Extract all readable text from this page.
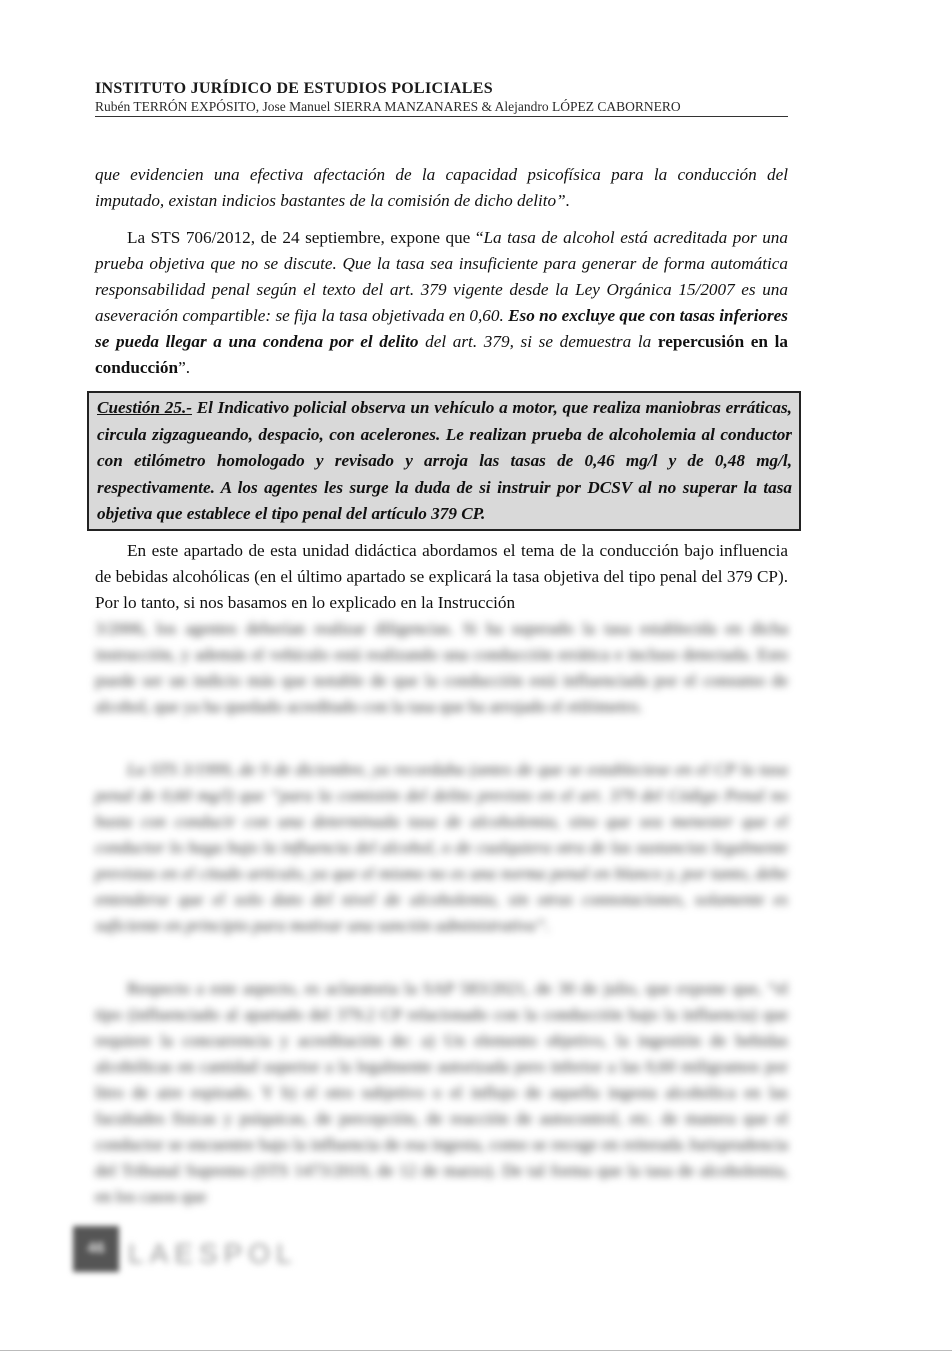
INSTITUTO JURÍDICO DE ESTUDIOS POLICIALES
Rubén TERRÓN EXPÓSITO, Jose Manuel SIERRA MANZANARES & Alejandro LÓPEZ CABORNERO
que evidencien una efectiva afectación de la capacidad psicofísica para la conducción del imputado, existan indicios bastantes de la comisión de dicho delito”.
La STS 706/2012, de 24 septiembre, expone que “La tasa de alcohol está acreditada por una prueba objetiva que no se discute. Que la tasa sea insuficiente para generar de forma automática responsabilidad penal según el texto del art. 379 vigente desde la Ley Orgánica 15/2007 es una aseveración compartible: se fija la tasa objetivada en 0,60. Eso no excluye que con tasas inferiores se pueda llegar a una condena por el delito del art. 379, si se demuestra la repercusión en la conducción”.
Cuestión 25.- El Indicativo policial observa un vehículo a motor, que realiza maniobras erráticas, circula zigzagueando, despacio, con acelerones. Le realizan prueba de alcoholemia al conductor con etilómetro homologado y revisado y arroja las tasas de 0,46 mg/l y de 0,48 mg/l, respectivamente. A los agentes les surge la duda de si instruir por DCSV al no superar la tasa objetiva que establece el tipo penal del artículo 379 CP.
En este apartado de esta unidad didáctica abordamos el tema de la conducción bajo influencia de bebidas alcohólicas (en el último apartado se explicará la tasa objetiva del tipo penal del 379 CP). Por lo tanto, si nos basamos en lo explicado en la Instrucción
3/2006, los agentes deberían realizar diligencias. Si ha superado la tasa establecida en dicha instrucción, y además el vehículo está realizando una conducción errática e incluso detectada. Esto puede ser un indicio más que notable de que la conducción está influenciada por el consumo de alcohol, que ya ha quedado acreditado con la tasa que ha arrojado el etilómetro.
La STS 3/1999, de 9 de diciembre, ya recordaba (antes de que se estableciese en el CP la tasa penal de 0,60 mg/l) que “para la comisión del delito previsto en el art. 379 del Código Penal no basta con conducir con una determinada tasa de alcoholemia, sino que sea menester que el conductor lo haga bajo la influencia del alcohol, o de cualquiera otra de las sustancias legalmente previstas en el citado artículo, ya que el mismo no es una norma penal en blanco y, por tanto, debe entenderse que el solo dato del nivel de alcoholemia, sin otras connotaciones, solamente es suficiente en principio para motivar una sanción administrativa”.
Respecto a este aspecto, es aclaratoria la SAP 583/2021, de 30 de julio, que expone que, “el tipo (influenciado al apartado del 379.2 CP relacionado con la conducción bajo la influencia) que requiere la concurrencia y acreditación de: a) Un elemento objetivo, la ingestión de bebidas alcohólicas en cantidad superior a la legalmente autorizada pero inferior a las 0,60 miligramos por litro de aire espirado. Y b) el otro subjetivo o el influjo de aquella ingesta alcohólica en las facultades físicas y psíquicas, de percepción, de reacción de autocontrol, etc. de manera que el conductor se encuentre bajo la influencia de esa ingesta, como se recoge en reiterada Jurisprudencia del Tribunal Supremo (STS 1473/2019, de 12 de marzo). De tal forma que la tasa de alcoholemia, en los casos que
46 LAESPOL
